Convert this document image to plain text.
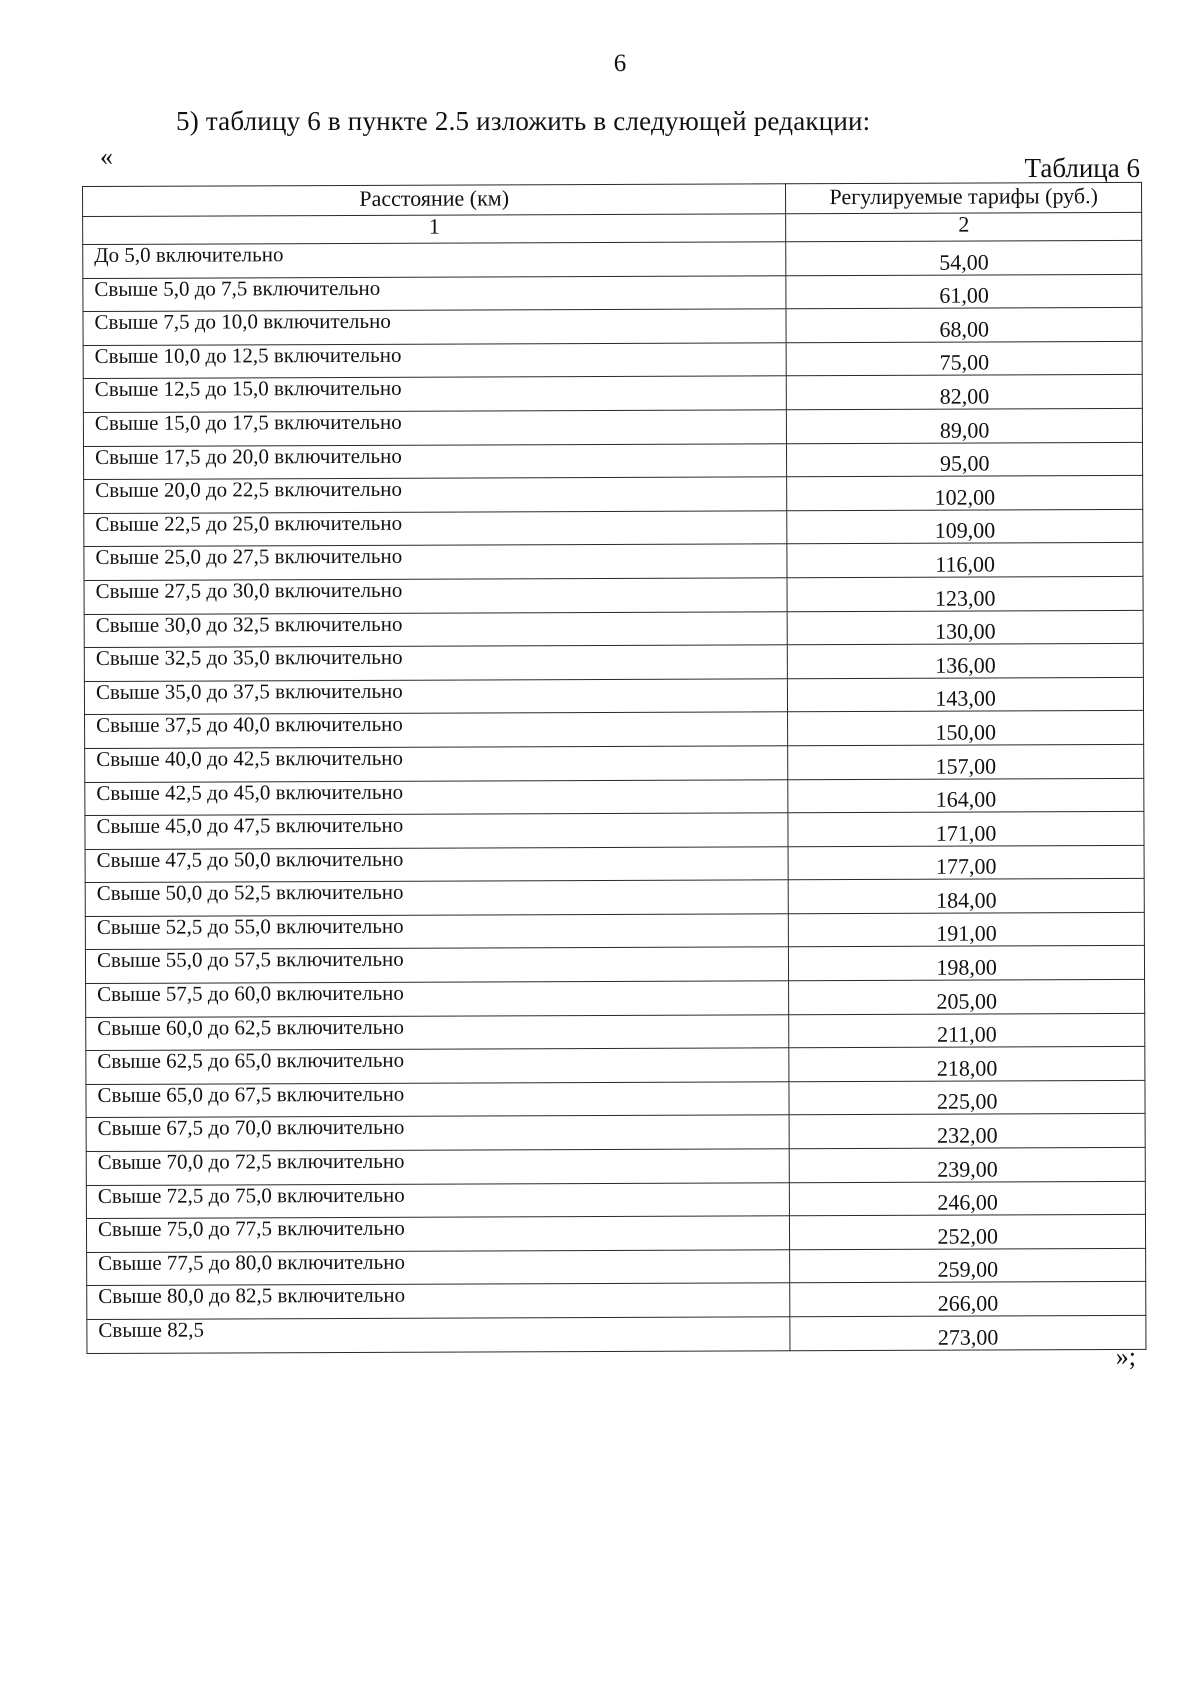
6
5) таблицу 6 в пункте 2.5 изложить в следующей редакции:
«	Таблица 6
Расстояние (км)	Регулируемые тарифы (руб.)
1	2
До 5,0 включительно	54,00
Свыше 5,0 до 7,5 включительно	61,00
Свыше 7,5 до 10,0 включительно	68,00
Свыше 10,0 до 12,5 включительно	75,00
Свыше 12,5 до 15,0 включительно	82,00
Свыше 15,0 до 17,5 включительно	89,00
Свыше 17,5 до 20,0 включительно	95,00
Свыше 20,0 до 22,5 включительно	102,00
Свыше 22,5 до 25,0 включительно	109,00
Свыше 25,0 до 27,5 включительно	116,00
Свыше 27,5 до 30,0 включительно	123,00
Свыше 30,0 до 32,5 включительно	130,00
Свыше 32,5 до 35,0 включительно	136,00
Свыше 35,0 до 37,5 включительно	143,00
Свыше 37,5 до 40,0 включительно	150,00
Свыше 40,0 до 42,5 включительно	157,00
Свыше 42,5 до 45,0 включительно	164,00
Свыше 45,0 до 47,5 включительно	171,00
Свыше 47,5 до 50,0 включительно	177,00
Свыше 50,0 до 52,5 включительно	184,00
Свыше 52,5 до 55,0 включительно	191,00
Свыше 55,0 до 57,5 включительно	198,00
Свыше 57,5 до 60,0 включительно	205,00
Свыше 60,0 до 62,5 включительно	211,00
Свыше 62,5 до 65,0 включительно	218,00
Свыше 65,0 до 67,5 включительно	225,00
Свыше 67,5 до 70,0 включительно	232,00
Свыше 70,0 до 72,5 включительно	239,00
Свыше 72,5 до 75,0 включительно	246,00
Свыше 75,0 до 77,5 включительно	252,00
Свыше 77,5 до 80,0 включительно	259,00
Свыше 80,0 до 82,5 включительно	266,00
Свыше 82,5	273,00
»;
